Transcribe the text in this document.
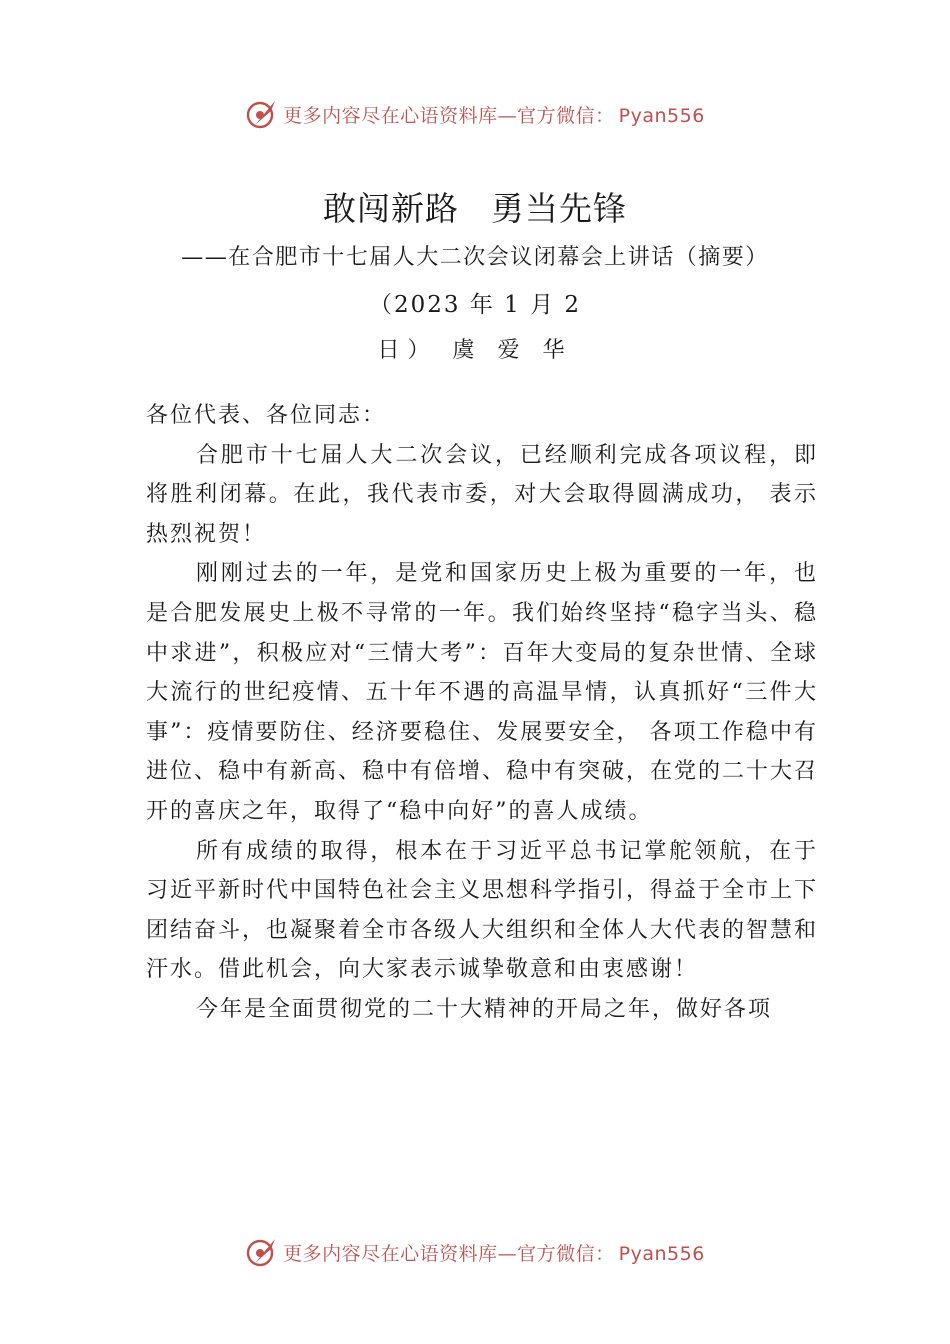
更多内容尽在心语资料库—官方微信： Pyan556
敢闯新路 勇当先锋
——在合肥市十七届人大二次会议闭幕会上讲话（摘要）
（2023 年 1 月 2
日） 虞 爱 华

各位代表、各位同志：

合肥市十七届人大二次会议，已经顺利完成各项议程，即将胜利闭幕。在此，我代表市委，对大会取得圆满成功， 表示热烈祝贺！

刚刚过去的一年，是党和国家历史上极为重要的一年，也是合肥发展史上极不寻常的一年。我们始终坚持“稳字当头、稳中求进”，积极应对“三情大考”：百年大变局的复杂世情、全球大流行的世纪疫情、五十年不遇的高温旱情，认真抓好“三件大事”：疫情要防住、经济要稳住、发展要安全， 各项工作稳中有进位、稳中有新高、稳中有倍增、稳中有突破，在党的二十大召开的喜庆之年，取得了“稳中向好”的喜人成绩。

所有成绩的取得，根本在于习近平总书记掌舵领航，在于习近平新时代中国特色社会主义思想科学指引，得益于全市上下团结奋斗，也凝聚着全市各级人大组织和全体人大代表的智慧和汗水。借此机会，向大家表示诚挚敬意和由衷感谢！

今年是全面贯彻党的二十大精神的开局之年，做好各项

更多内容尽在心语资料库—官方微信： Pyan556
